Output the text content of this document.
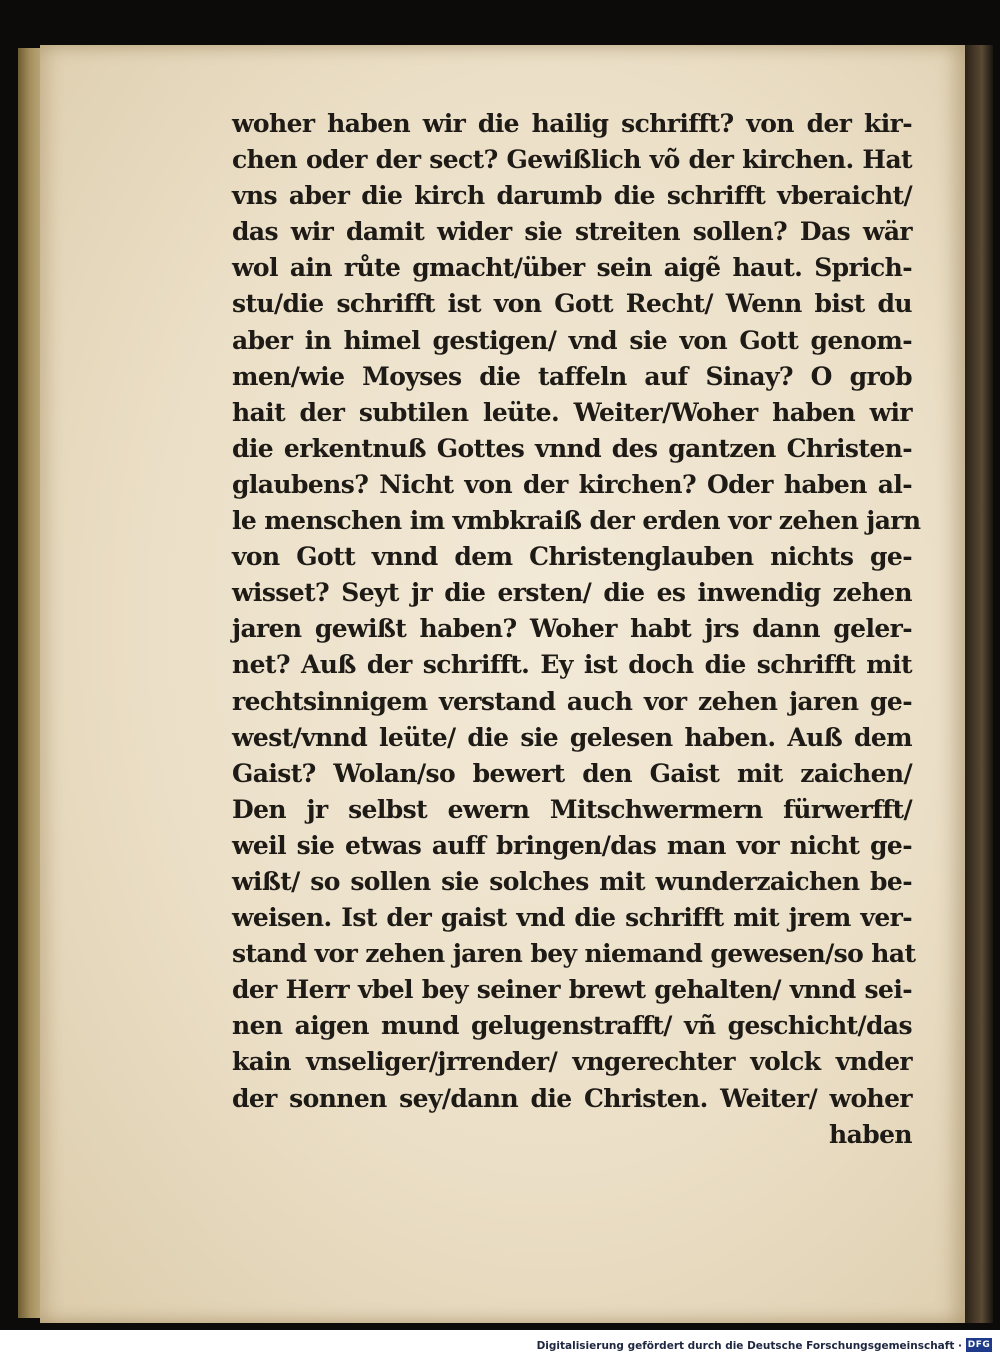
woher haben wir die hailig schrifft? von der kir-
chen oder der sect? Gewißlich võ der kirchen. Hat
vns aber die kirch darumb die schrifft vberaicht/
das wir damit wider sie streiten sollen? Das wär
wol ain růte gmacht/über sein aigẽ haut. Sprich-
stu/die schrifft ist von Gott Recht/ Wenn bist du
aber in himel gestigen/ vnd sie von Gott genom-
men/wie Moyses die taffeln auf Sinay? O grob
hait der subtilen leüte. Weiter/Woher haben wir
die erkentnuß Gottes vnnd des gantzen Christen-
glaubens? Nicht von der kirchen? Oder haben al-
le menschen im vmbkraiß der erden vor zehen jarn
von Gott vnnd dem Christenglauben nichts ge-
wisset? Seyt jr die ersten/ die es inwendig zehen
jaren gewißt haben? Woher habt jrs dann geler-
net? Auß der schrifft. Ey ist doch die schrifft mit
rechtsinnigem verstand auch vor zehen jaren ge-
west/vnnd leüte/ die sie gelesen haben. Auß dem
Gaist? Wolan/so bewert den Gaist mit zaichen/
Den jr selbst ewern Mitschwermern fürwerfft/
weil sie etwas auff bringen/das man vor nicht ge-
wißt/ so sollen sie solches mit wunderzaichen be-
weisen. Ist der gaist vnd die schrifft mit jrem ver-
stand vor zehen jaren bey niemand gewesen/so hat
der Herr vbel bey seiner brewt gehalten/ vnnd sei-
nen aigen mund gelugenstrafft/ vñ geschicht/das
kain vnseliger/jrrender/ vngerechter volck vnder
der sonnen sey/dann die Christen. Weiter/ woher
haben
Digitalisierung gefördert durch die Deutsche Forschungsgemeinschaft · DFG
